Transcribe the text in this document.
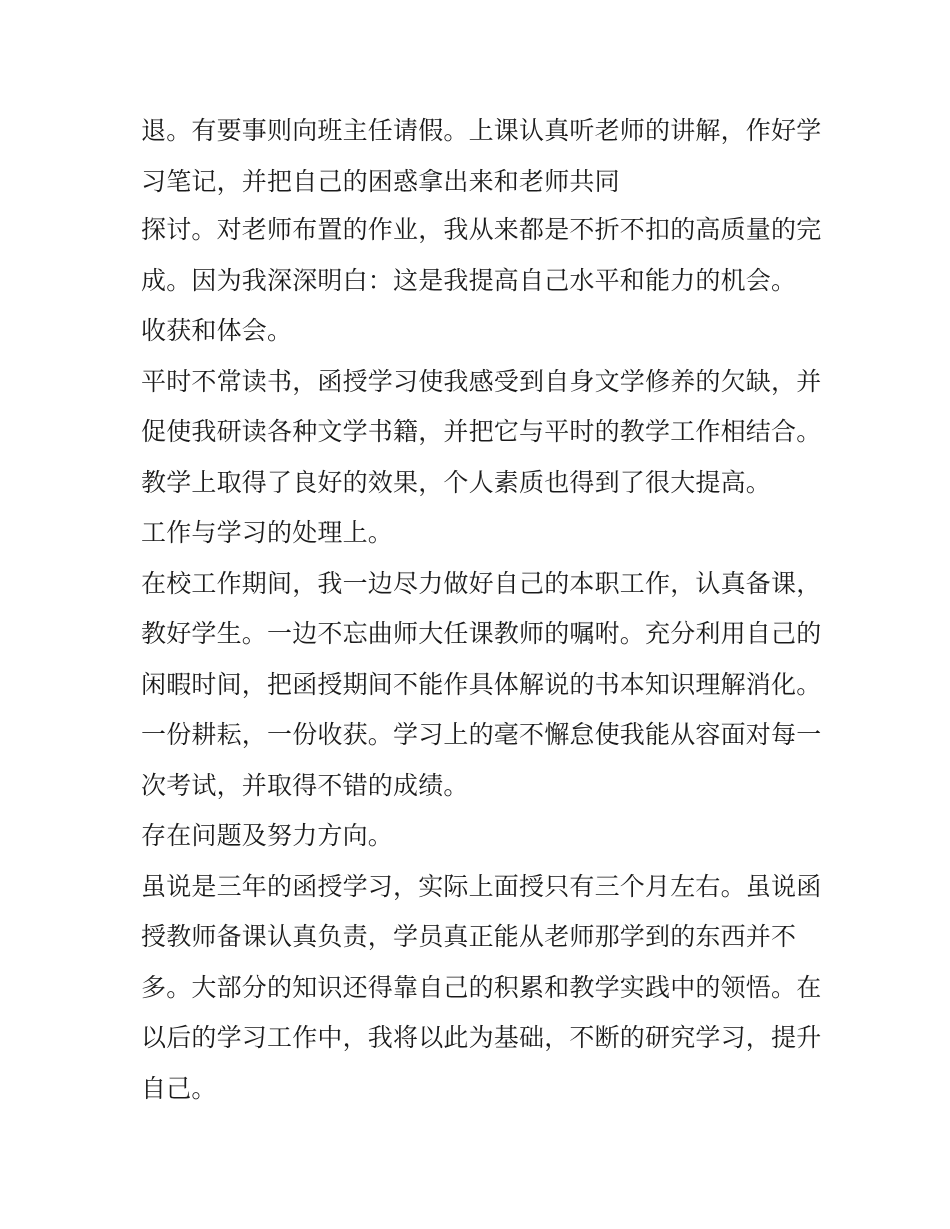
退。有要事则向班主任请假。上课认真听老师的讲解，作好学
习笔记，并把自己的困惑拿出来和老师共同
探讨。对老师布置的作业，我从来都是不折不扣的高质量的完
成。因为我深深明白：这是我提高自己水平和能力的机会。
收获和体会。
平时不常读书，函授学习使我感受到自身文学修养的欠缺，并
促使我研读各种文学书籍，并把它与平时的教学工作相结合。
教学上取得了良好的效果，个人素质也得到了很大提高。
工作与学习的处理上。
在校工作期间，我一边尽力做好自己的本职工作，认真备课，
教好学生。一边不忘曲师大任课教师的嘱咐。充分利用自己的
闲暇时间，把函授期间不能作具体解说的书本知识理解消化。
一份耕耘，一份收获。学习上的毫不懈怠使我能从容面对每一
次考试，并取得不错的成绩。
存在问题及努力方向。
虽说是三年的函授学习，实际上面授只有三个月左右。虽说函
授教师备课认真负责，学员真正能从老师那学到的东西并不
多。大部分的知识还得靠自己的积累和教学实践中的领悟。在
以后的学习工作中，我将以此为基础，不断的研究学习，提升
自己。
